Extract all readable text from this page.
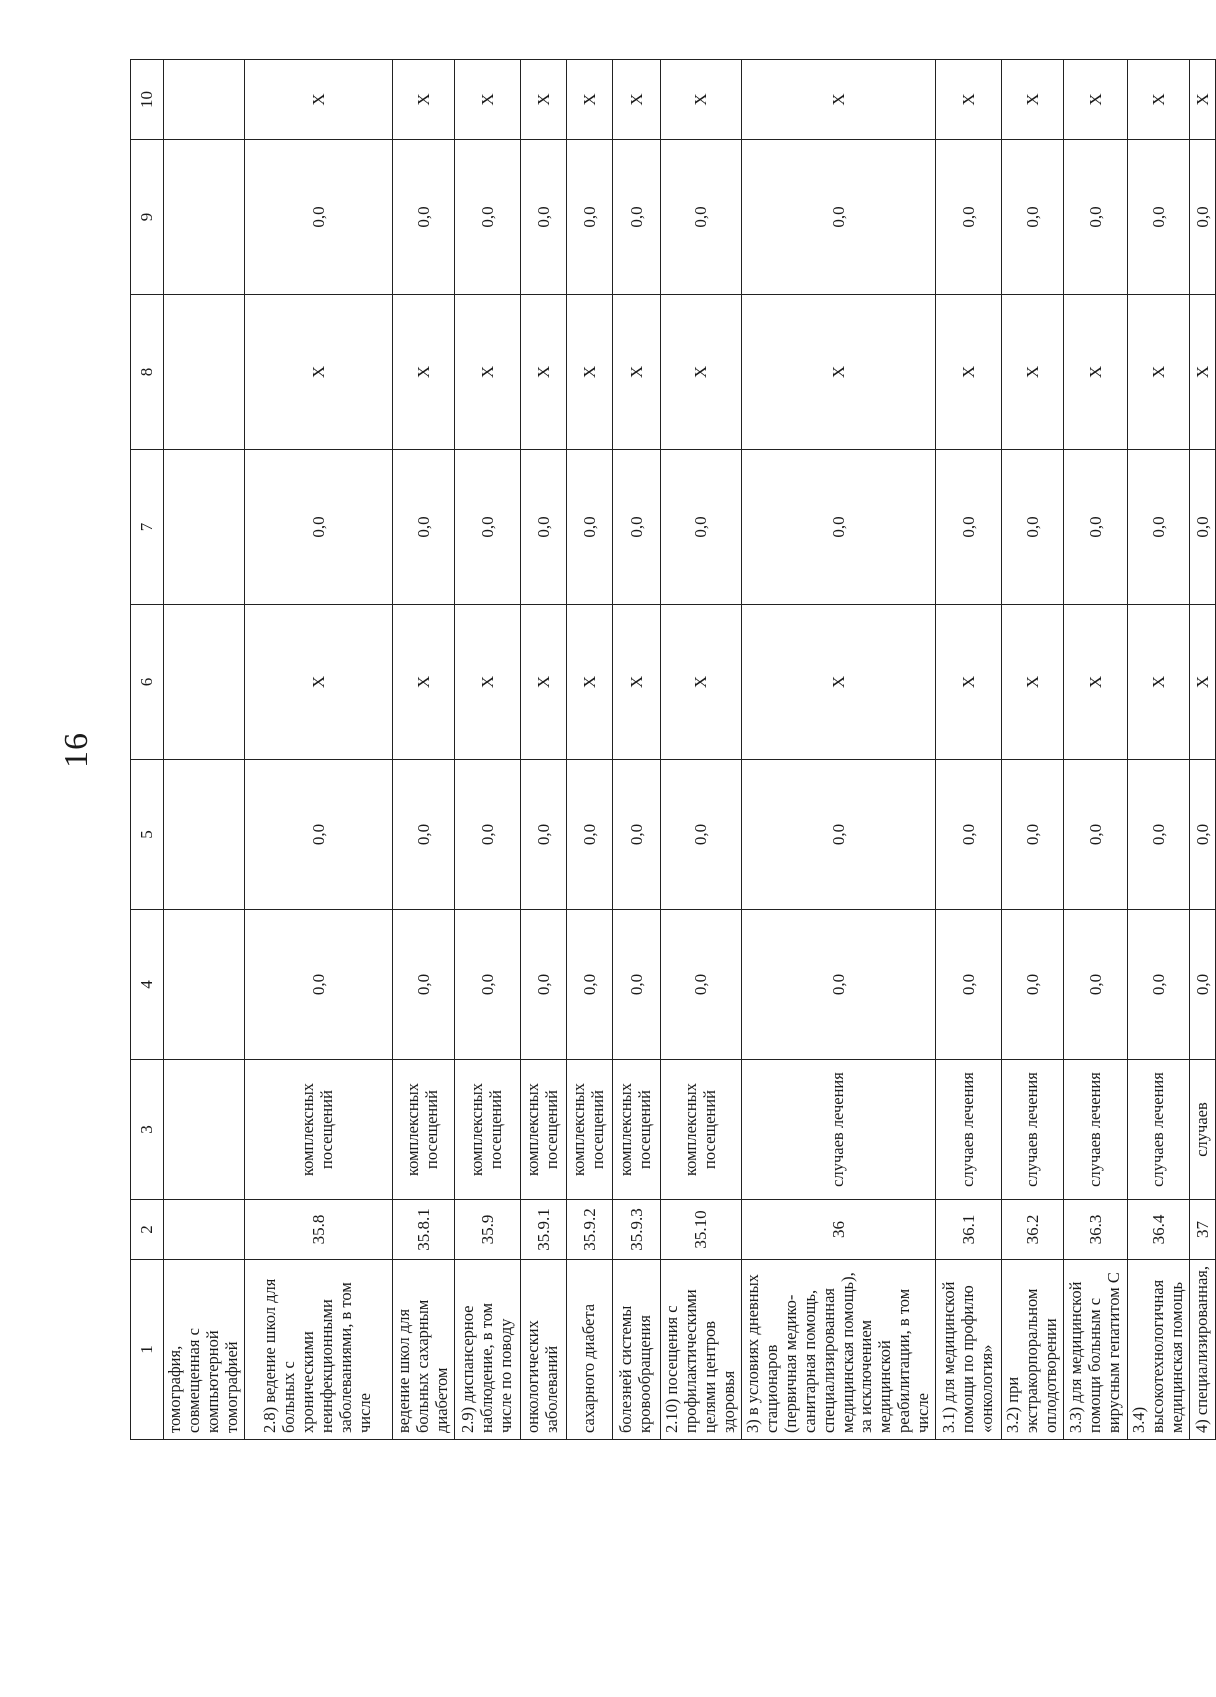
16
1	2	3	4	5	6	7	8	9	10
томография, совмещенная с компьютерной томографией									
2.8) ведение школ для больных с хроническими неинфекционными заболеваниями, в том числе	35.8	комплексных посещений	0,0	0,0	X	0,0	X	0,0	X
ведение школ для больных сахарным диабетом	35.8.1	комплексных посещений	0,0	0,0	X	0,0	X	0,0	X
2.9) диспансерное наблюдение, в том числе по поводу	35.9	комплексных посещений	0,0	0,0	X	0,0	X	0,0	X
онкологических заболеваний	35.9.1	комплексных посещений	0,0	0,0	X	0,0	X	0,0	X
сахарного диабета	35.9.2	комплексных посещений	0,0	0,0	X	0,0	X	0,0	X
болезней системы кровообращения	35.9.3	комплексных посещений	0,0	0,0	X	0,0	X	0,0	X
2.10) посещения с профилактическими целями центров здоровья	35.10	комплексных посещений	0,0	0,0	X	0,0	X	0,0	X
3) в условиях дневных стационаров (первичная медико-санитарная помощь, специализированная медицинская помощь), за исключением медицинской реабилитации, в том числе	36	случаев лечения	0,0	0,0	X	0,0	X	0,0	X
3.1) для медицинской помощи по профилю «онкология»	36.1	случаев лечения	0,0	0,0	X	0,0	X	0,0	X
3.2) при экстракорпоральном оплодотворении	36.2	случаев лечения	0,0	0,0	X	0,0	X	0,0	X
3.3) для медицинской помощи больным с вирусным гепатитом С	36.3	случаев лечения	0,0	0,0	X	0,0	X	0,0	X
3.4) высокотехнологичная медицинская помощь	36.4	случаев лечения	0,0	0,0	X	0,0	X	0,0	X
4) специализированная,	37	случаев	0,0	0,0	X	0,0	X	0,0	X
